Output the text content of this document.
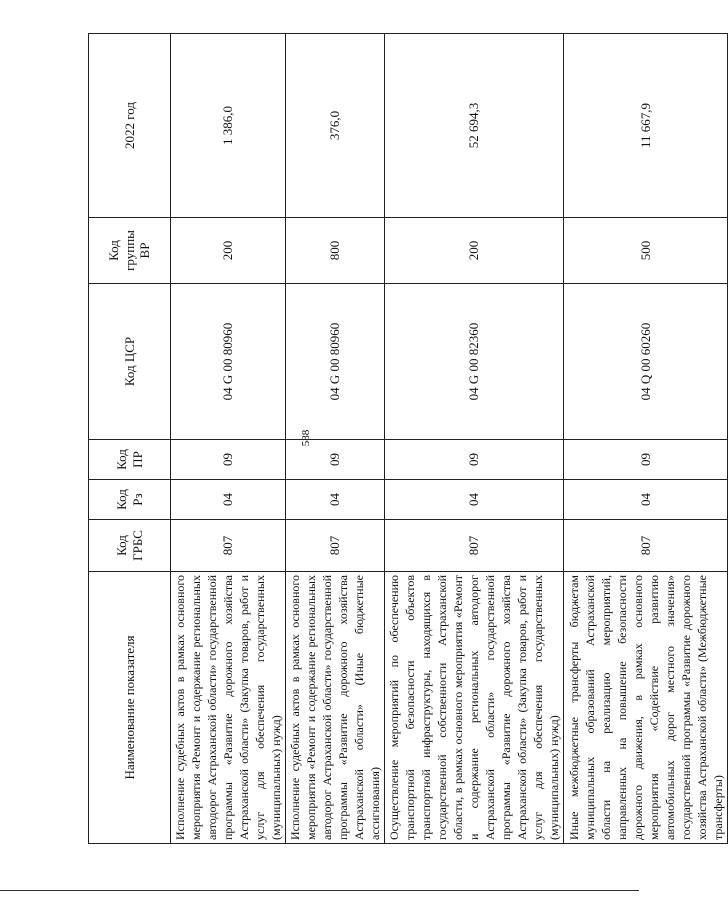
588
Наименование показателя	Код ГРБС	Код Рз	Код ПР	Код ЦСР	Код группы ВР	2022 год
Исполнение судебных актов в рамках основного мероприятия «Ремонт и содержание региональных автодорог Астраханской области» государственной программы «Развитие дорожного хозяйства Астраханской области» (Закупка товаров, работ и услуг для обеспечения государственных (муниципальных) нужд)	807	04	09	04 G 00 80960	200	1 386,0
Исполнение судебных актов в рамках основного мероприятия «Ремонт и содержание региональных автодорог Астраханской области» государственной программы «Развитие дорожного хозяйства Астраханской области» (Иные бюджетные ассигнования)	807	04	09	04 G 00 80960	800	376,0
Осуществление мероприятий по обеспечению транспортной безопасности объектов транспортной инфраструктуры, находящихся в государственной собственности Астраханской области, в рамках основного мероприятия «Ремонт и содержание региональных автодорог Астраханской области» государственной программы «Развитие дорожного хозяйства Астраханской области» (Закупка товаров, работ и услуг для обеспечения государственных (муниципальных) нужд)	807	04	09	04 G 00 82360	200	52 694,3
Иные межбюджетные трансферты бюджетам муниципальных образований Астраханской области на реализацию мероприятий, направленных на повышение безопасности дорожного движения, в рамках основного мероприятия «Содействие развитию автомобильных дорог местного значения» государственной программы «Развитие дорожного хозяйства Астраханской области» (Межбюджетные трансферты)	807	04	09	04 Q 00 60260	500	11 667,9
